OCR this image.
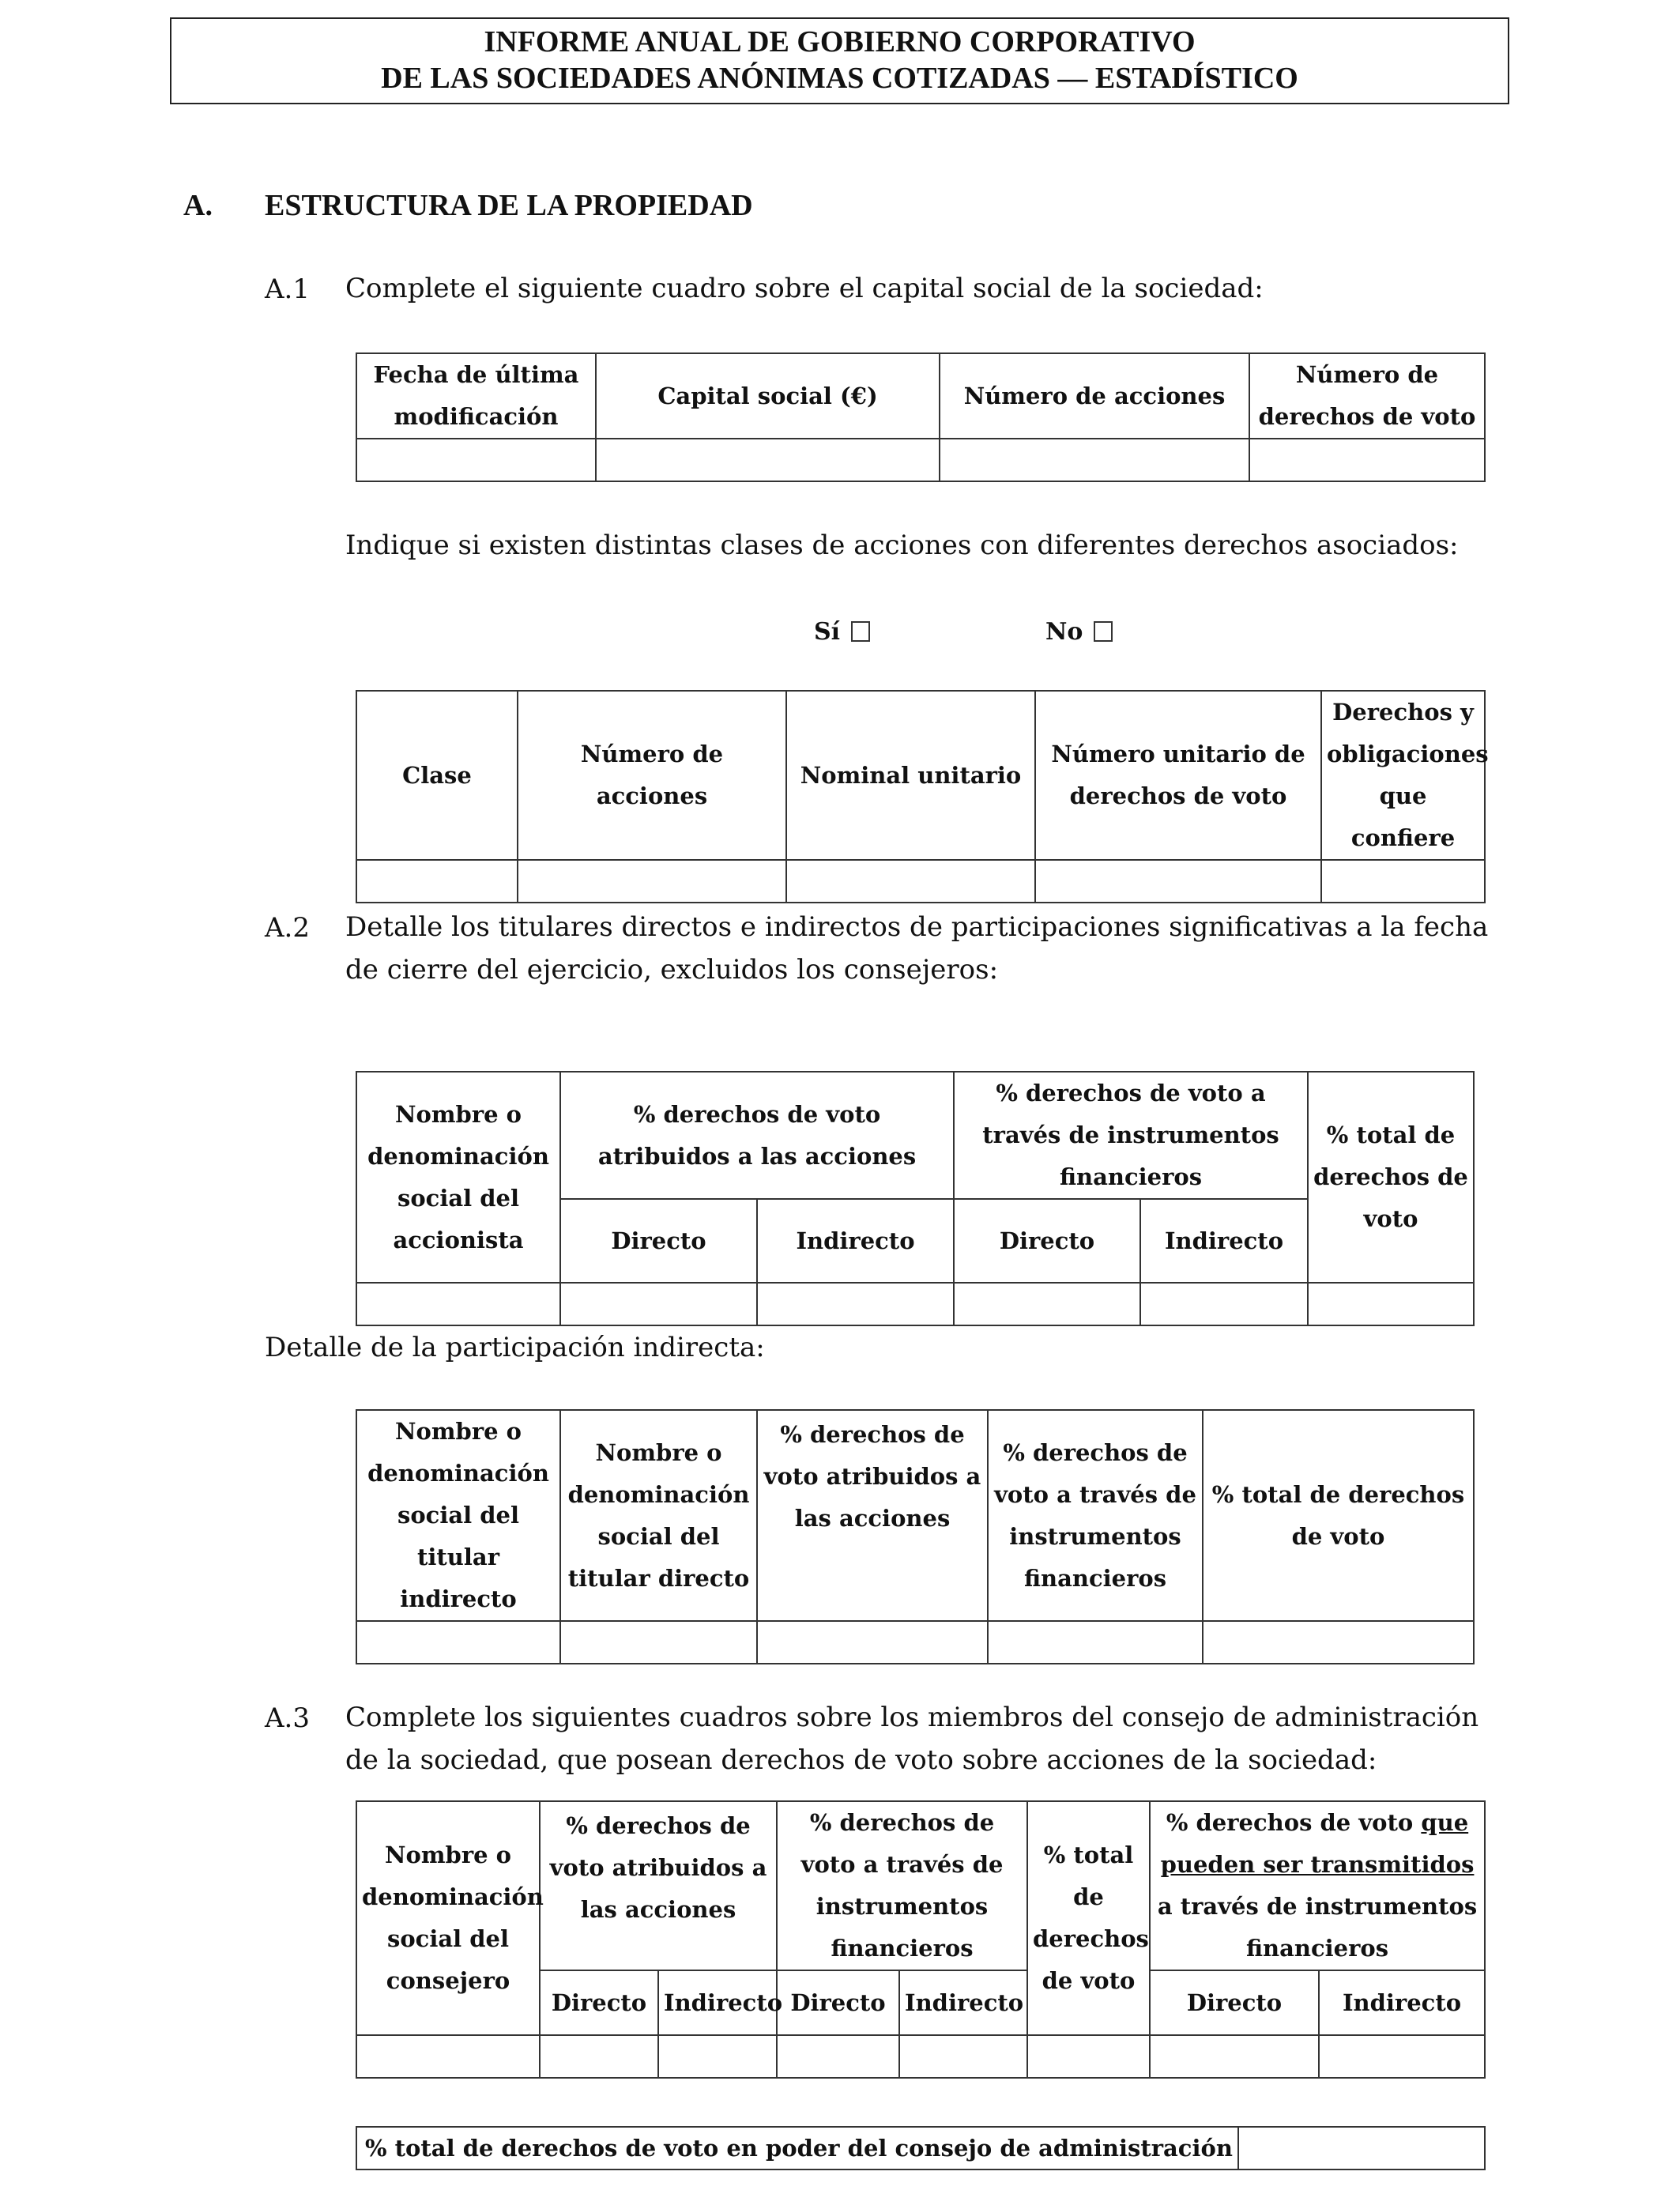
INFORME ANUAL DE GOBIERNO CORPORATIVO
DE LAS SOCIEDADES ANÓNIMAS COTIZADAS — ESTADÍSTICO
A. ESTRUCTURA DE LA PROPIEDAD
A.1 Complete el siguiente cuadro sobre el capital social de la sociedad:
Fecha de última modificación	Capital social (€)	Número de acciones	Número de derechos de voto

Indique si existen distintas clases de acciones con diferentes derechos asociados:
Sí	No
Clase	Número de acciones	Nominal unitario	Número unitario de derechos de voto	Derechos y obligaciones que confiere

A.2 Detalle los titulares directos e indirectos de participaciones significativas a la fecha de cierre del ejercicio, excluidos los consejeros:
Nombre o denominación social del accionista	% derechos de voto atribuidos a las acciones		% derechos de voto a través de instrumentos financieros		% total de derechos de voto
	Directo	Indirecto	Directo	Indirecto	

Detalle de la participación indirecta:
Nombre o denominación social del titular indirecto	Nombre o denominación social del titular directo	% derechos de voto atribuidos a las acciones	% derechos de voto a través de instrumentos financieros	% total de derechos de voto

A.3 Complete los siguientes cuadros sobre los miembros del consejo de administración de la sociedad, que posean derechos de voto sobre acciones de la sociedad:
Nombre o denominación social del consejero	% derechos de voto atribuidos a las acciones		% derechos de voto a través de instrumentos financieros		% total de derechos de voto	% derechos de voto que pueden ser transmitidos a través de instrumentos financieros	
	Directo	Indirecto	Directo	Indirecto		Directo	Indirecto

% total de derechos de voto en poder del consejo de administración	
